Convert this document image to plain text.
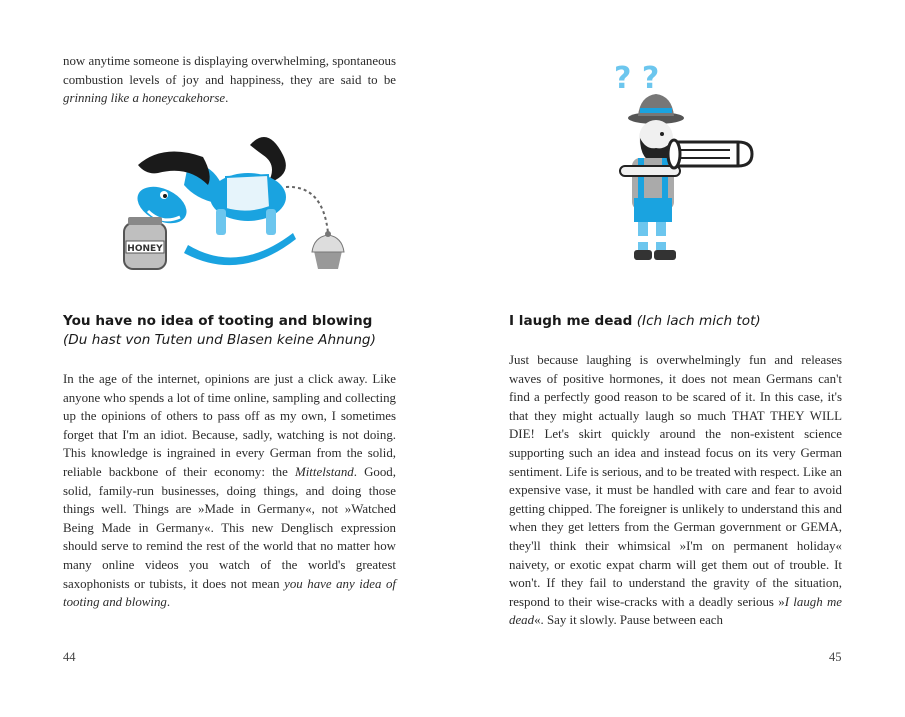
now anytime someone is displaying overwhelming, spontaneous combustion levels of joy and happiness, they are said to be grinning like a honeycakehorse.

HONEY
You have no idea of tooting and blowing
(Du hast von Tuten und Blasen keine Ahnung)

In the age of the internet, opinions are just a click away. Like anyone who spends a lot of time online, sampling and collecting up the opinions of others to pass off as my own, I sometimes forget that I'm an idiot. Because, sadly, watching is not doing. This knowledge is ingrained in every German from the solid, reliable backbone of their economy: the Mittelstand. Good, solid, family-run businesses, doing things, and doing those things well. Things are »Made in Germany«, not »Watched Being Made in Germany«. This new Denglisch expression should serve to remind the rest of the world that no matter how many online videos you watch of the world's greatest saxophonists or tubists, it does not mean you have any idea of tooting and blowing.

44
? ?
I laugh me dead (Ich lach mich tot)

Just because laughing is overwhelmingly fun and releases waves of positive hormones, it does not mean Germans can't find a perfectly good reason to be scared of it. In this case, it's that they might actually laugh so much THAT THEY WILL DIE! Let's skirt quickly around the non-existent science supporting such an idea and instead focus on its very German sentiment. Life is serious, and to be treated with respect. Like an expensive vase, it must be handled with care and fear to avoid getting chipped. The foreigner is unlikely to understand this and when they get letters from the German government or GEMA, they'll think their whimsical »I'm on permanent holiday« naivety, or exotic expat charm will get them out of trouble. It won't. If they fail to understand the gravity of the situation, respond to their wise-cracks with a deadly serious »I laugh me dead«. Say it slowly. Pause between each

45
